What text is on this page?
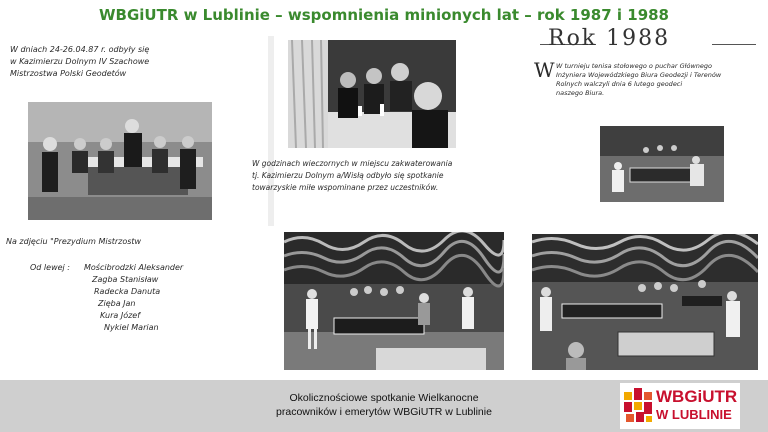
WBGiUTR w Lublinie – wspomnienia minionych lat – rok 1987 i 1988
W dniach 24-26.04.87 r. odbyły się
w Kazimierzu Dolnym IV Szachowe
Mistrzostwa Polski Geodetów
Na zdjęciu "Prezydium Mistrzostw
Od lewej : Mościbrodzki Aleksander
Zagba Stanisław
Radecka Danuta
Zięba Jan
Kura Józef
Nykiel Marian
W godzinach wieczornych w miejscu zakwaterowania
tj. Kazimierzu Dolnym a/Wisłą odbyło się spotkanie
towarzyskie miłe wspominane przez uczestników.
Rok 1988
W W turnieju tenisa stołowego o puchar Głównego
Inżyniera Wojewódzkiego Biura Geodezji i Terenów
Rolnych walczyli dnia 6 lutego geodeci
naszego Biura.
Okolicznościowe spotkanie Wielkanocne
pracowników i emerytów WBGiUTR w Lublinie
WBGiUTR
W LUBLINIE
